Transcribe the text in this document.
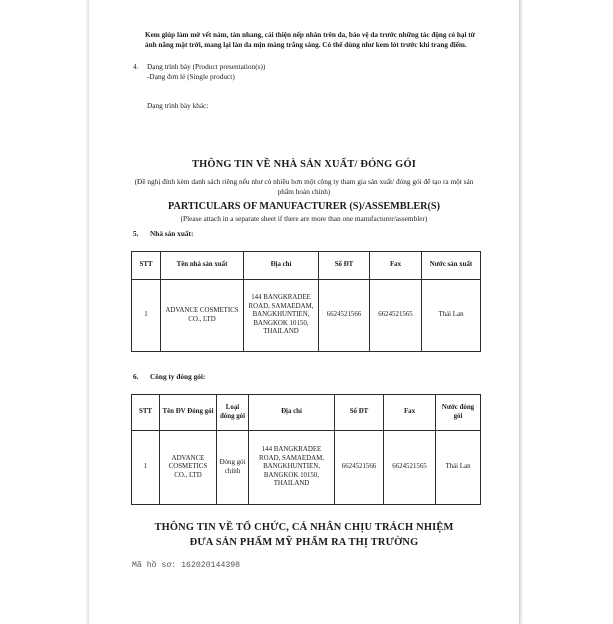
Kem giúp làm mờ vết nám, tàn nhang, cải thiện nếp nhăn trên da, bảo vệ da trước những tác động có hại từ ánh nắng mặt trời, mang lại làn da mịn màng trắng sáng. Có thể dùng như kem lót trước khi trang điểm.
4. Dạng trình bày (Product presentation(s))
-Dạng đơn lẻ (Single product)
Dạng trình bày khác:
THÔNG TIN VỀ NHÀ SẢN XUẤT/ ĐÓNG GÓI
(Đề nghị đính kèm danh sách riêng nếu như có nhiều hơn một công ty tham gia sản xuất/ đóng gói để tạo ra một sản phẩm hoàn chỉnh)
PARTICULARS OF MANUFACTURER (S)/ASSEMBLER(S)
(Please attach in a separate sheet if there are more than one manufacturer/assembler)
5. Nhà sản xuất:
STT	Tên nhà sản xuất	Địa chỉ	Số ĐT	Fax	Nước sản xuất
1	ADVANCE COSMETICS CO., LTD	144 BANGKRADEE ROAD, SAMAEDAM, BANGKHUNTIEN, BANGKOK 10150, THAILAND	6624521566	6624521565	Thái Lan
6. Công ty đóng gói:
STT	Tên ĐV Đóng gói	Loại đóng gói	Địa chỉ	Số ĐT	Fax	Nước đóng gói
1	ADVANCE COSMETICS CO., LTD	Đóng gói chính	144 BANGKRADEE ROAD, SAMAEDAM, BANGKHUNTIEN, BANGKOK 10150, THAILAND	6624521566	6624521565	Thái Lan
THÔNG TIN VỀ TỔ CHỨC, CÁ NHÂN CHỊU TRÁCH NHIỆM
ĐƯA SẢN PHẨM MỸ PHẨM RA THỊ TRƯỜNG
Mã hồ sơ: 162020144398
